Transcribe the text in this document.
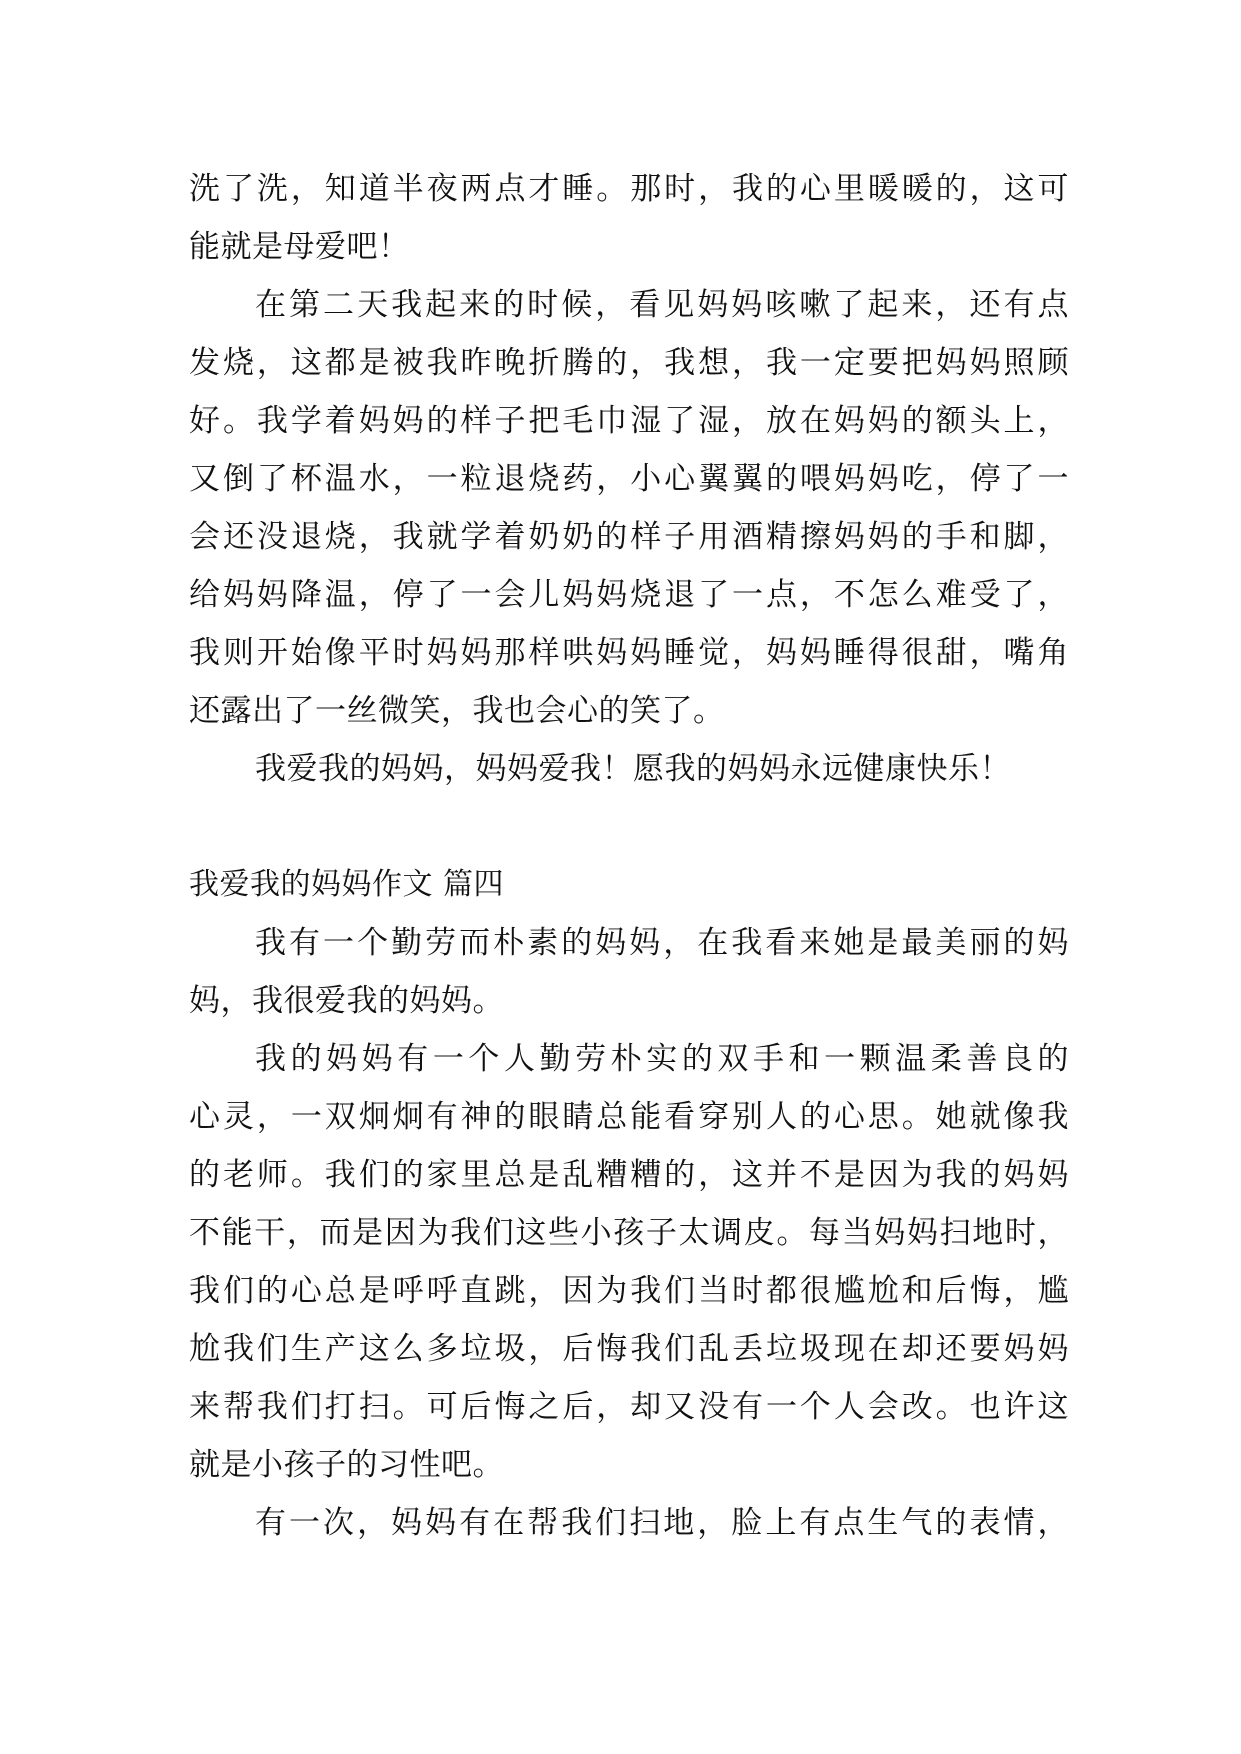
洗了洗，知道半夜两点才睡。那时，我的心里暖暖的，这可
能就是母爱吧！
在第二天我起来的时候，看见妈妈咳嗽了起来，还有点
发烧，这都是被我昨晚折腾的，我想，我一定要把妈妈照顾
好。我学着妈妈的样子把毛巾湿了湿，放在妈妈的额头上，
又倒了杯温水，一粒退烧药，小心翼翼的喂妈妈吃，停了一
会还没退烧，我就学着奶奶的样子用酒精擦妈妈的手和脚，
给妈妈降温，停了一会儿妈妈烧退了一点，不怎么难受了，
我则开始像平时妈妈那样哄妈妈睡觉，妈妈睡得很甜，嘴角
还露出了一丝微笑，我也会心的笑了。
我爱我的妈妈，妈妈爱我！愿我的妈妈永远健康快乐！
我爱我的妈妈作文 篇四
我有一个勤劳而朴素的妈妈，在我看来她是最美丽的妈
妈，我很爱我的妈妈。
我的妈妈有一个人勤劳朴实的双手和一颗温柔善良的
心灵，一双炯炯有神的眼睛总能看穿别人的心思。她就像我
的老师。我们的家里总是乱糟糟的，这并不是因为我的妈妈
不能干，而是因为我们这些小孩子太调皮。每当妈妈扫地时，
我们的心总是呼呼直跳，因为我们当时都很尴尬和后悔，尴
尬我们生产这么多垃圾，后悔我们乱丢垃圾现在却还要妈妈
来帮我们打扫。可后悔之后，却又没有一个人会改。也许这
就是小孩子的习性吧。
有一次，妈妈有在帮我们扫地，脸上有点生气的表情，
